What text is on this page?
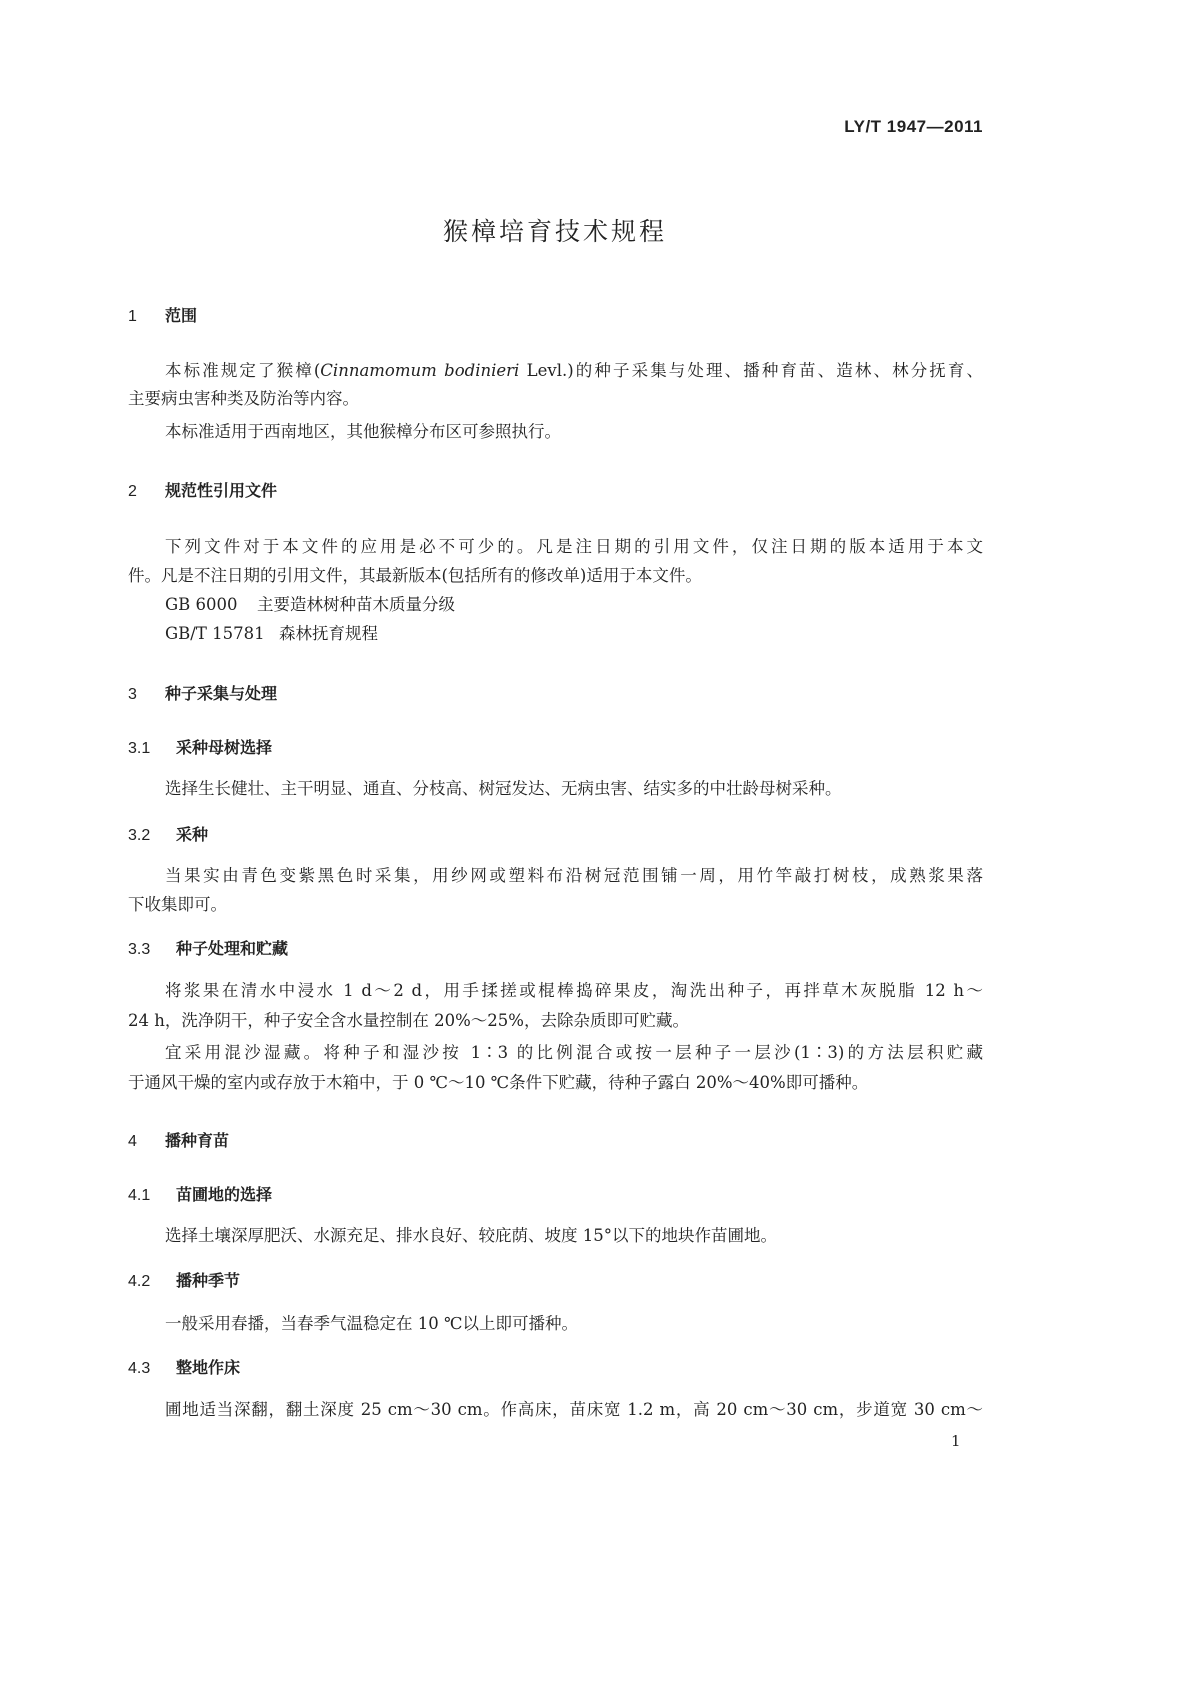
LY/T 1947—2011
猴樟培育技术规程
1 范围
本标准规定了猴樟(Cinnamomum bodinieri Levl.)的种子采集与处理、播种育苗、造林、林分抚育、
主要病虫害种类及防治等内容。
本标准适用于西南地区，其他猴樟分布区可参照执行。
2 规范性引用文件
下列文件对于本文件的应用是必不可少的。凡是注日期的引用文件，仅注日期的版本适用于本文
件。凡是不注日期的引用文件，其最新版本(包括所有的修改单)适用于本文件。
GB 6000 主要造林树种苗木质量分级
GB/T 15781 森林抚育规程
3 种子采集与处理
3.1 采种母树选择
选择生长健壮、主干明显、通直、分枝高、树冠发达、无病虫害、结实多的中壮龄母树采种。
3.2 采种
当果实由青色变紫黑色时采集，用纱网或塑料布沿树冠范围铺一周，用竹竿敲打树枝，成熟浆果落
下收集即可。
3.3 种子处理和贮藏
将浆果在清水中浸水 1 d～2 d，用手揉搓或棍棒捣碎果皮，淘洗出种子，再拌草木灰脱脂 12 h～
24 h，洗净阴干，种子安全含水量控制在 20%～25%，去除杂质即可贮藏。
宜采用混沙湿藏。将种子和湿沙按 1∶3 的比例混合或按一层种子一层沙(1∶3)的方法层积贮藏
于通风干燥的室内或存放于木箱中，于 0 ℃～10 ℃条件下贮藏，待种子露白 20%～40%即可播种。
4 播种育苗
4.1 苗圃地的选择
选择土壤深厚肥沃、水源充足、排水良好、较庇荫、坡度 15°以下的地块作苗圃地。
4.2 播种季节
一般采用春播，当春季气温稳定在 10 ℃以上即可播种。
4.3 整地作床
圃地适当深翻，翻土深度 25 cm～30 cm。作高床，苗床宽 1.2 m，高 20 cm～30 cm，步道宽 30 cm～
1
